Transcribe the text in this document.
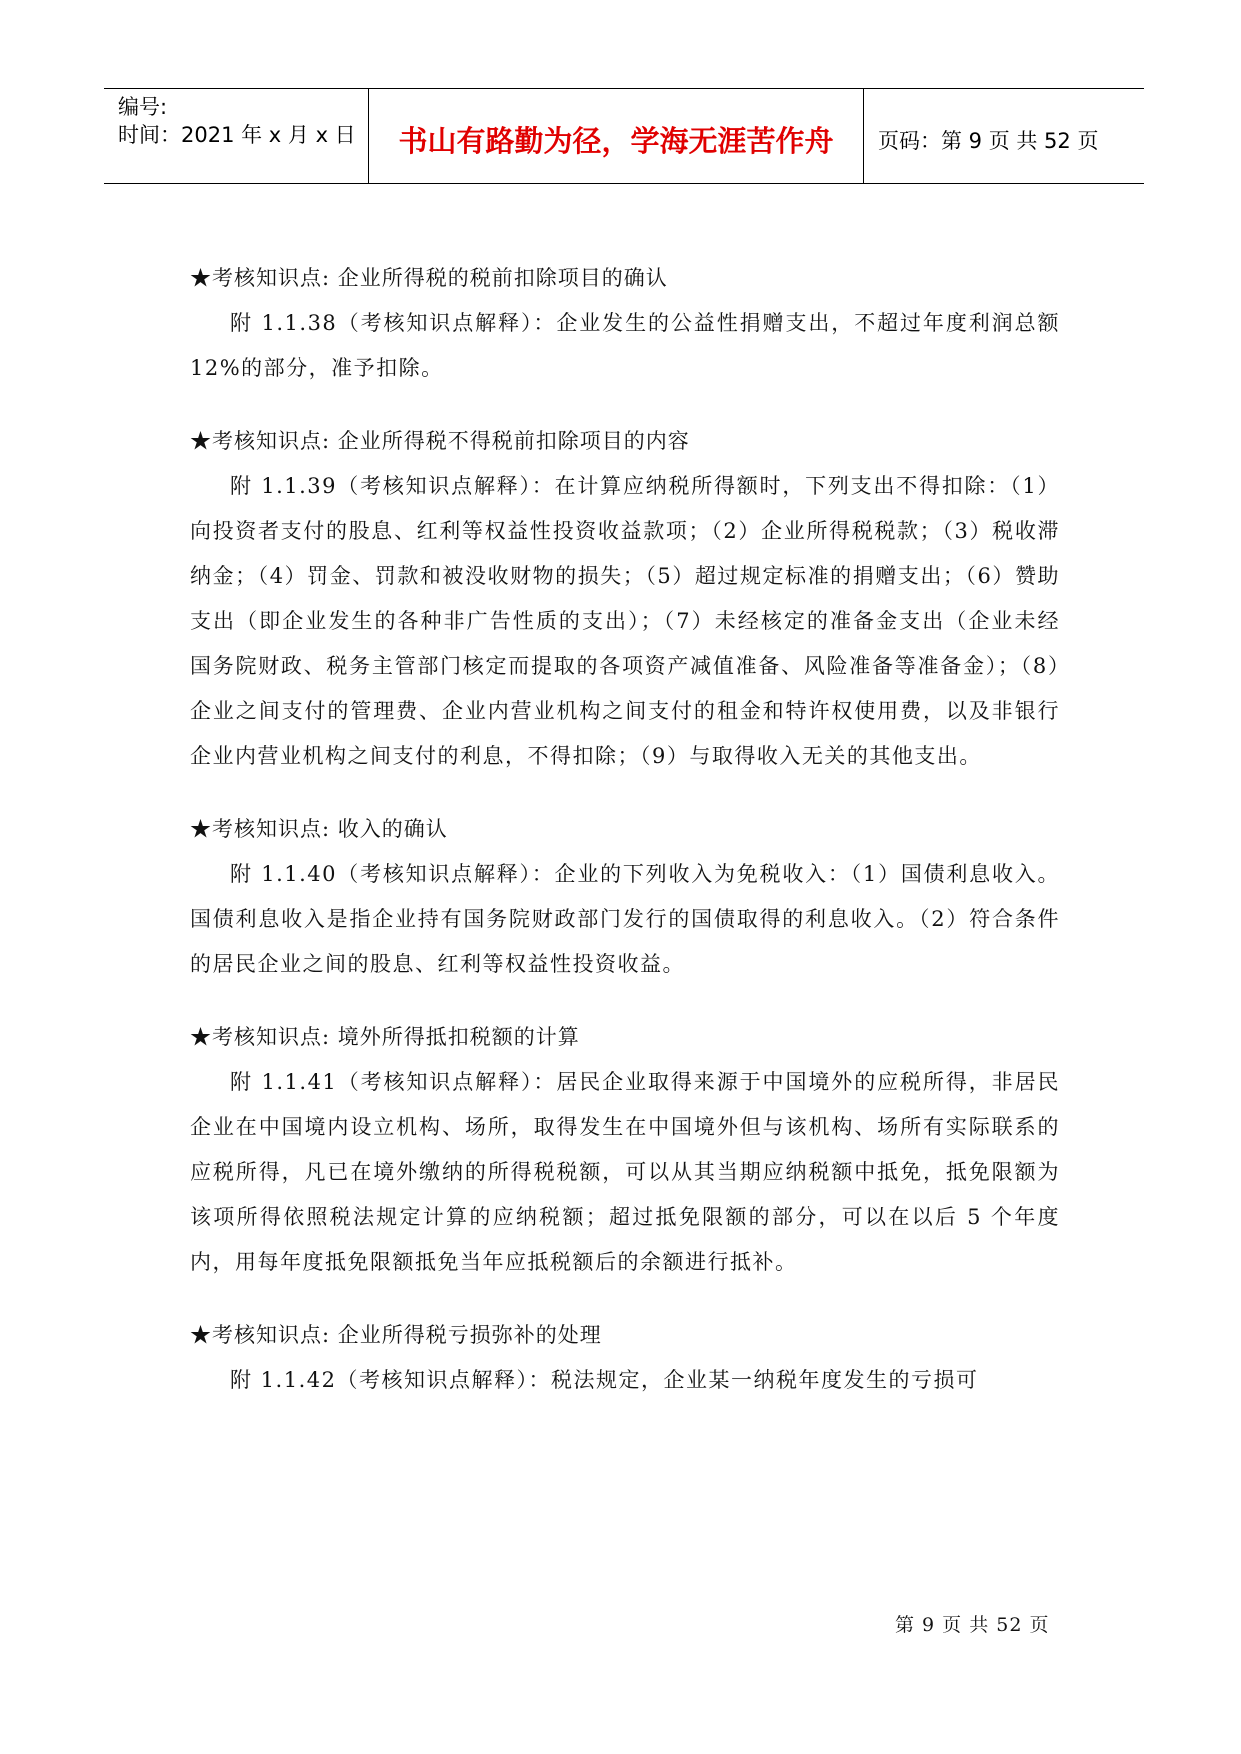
编号:
时间：2021 年 x 月 x 日	书山有路勤为径，学海无涯苦作舟	页码：第 9 页 共 52 页
★考核知识点: 企业所得税的税前扣除项目的确认

附 1.1.38（考核知识点解释）：企业发生的公益性捐赠支出，不超过年度利润总额 12%的部分，准予扣除。

★考核知识点: 企业所得税不得税前扣除项目的内容

附 1.1.39（考核知识点解释）：在计算应纳税所得额时，下列支出不得扣除：（1）向投资者支付的股息、红利等权益性投资收益款项；（2）企业所得税税款；（3）税收滞纳金；（4）罚金、罚款和被没收财物的损失；（5）超过规定标准的捐赠支出；（6）赞助支出（即企业发生的各种非广告性质的支出）；（7）未经核定的准备金支出（企业未经国务院财政、税务主管部门核定而提取的各项资产减值准备、风险准备等准备金）；（8）企业之间支付的管理费、企业内营业机构之间支付的租金和特许权使用费，以及非银行企业内营业机构之间支付的利息，不得扣除；（9）与取得收入无关的其他支出。

★考核知识点: 收入的确认

附 1.1.40（考核知识点解释）：企业的下列收入为免税收入：（1）国债利息收入。国债利息收入是指企业持有国务院财政部门发行的国债取得的利息收入。（2）符合条件的居民企业之间的股息、红利等权益性投资收益。

★考核知识点: 境外所得抵扣税额的计算

附 1.1.41（考核知识点解释）：居民企业取得来源于中国境外的应税所得，非居民企业在中国境内设立机构、场所，取得发生在中国境外但与该机构、场所有实际联系的应税所得，凡已在境外缴纳的所得税税额，可以从其当期应纳税额中抵免，抵免限额为该项所得依照税法规定计算的应纳税额；超过抵免限额的部分，可以在以后 5 个年度内，用每年度抵免限额抵免当年应抵税额后的余额进行抵补。

★考核知识点: 企业所得税亏损弥补的处理

附 1.1.42（考核知识点解释）：税法规定，企业某一纳税年度发生的亏损可

第 9 页 共 52 页
